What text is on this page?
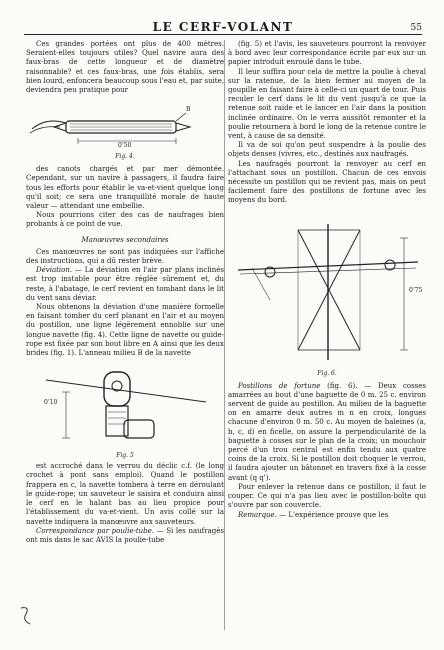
LE CERF-VOLANT	55

Ces grandes portées ont plus de 400 mètres. Seraient-elles toujours utiles? Quel navire aura des faux-bras de cette longueur et de diamètre raisonnable? et ces faux-bras, une fois établis, sera bien lourd, enfoncera beaucoup sous l'eau et, par suite, deviendra peu pratique pour

B
0’50
Fig. 4.

des canots chargés et par mer démontée. Cependant, sur un navire à passagers, il faudra faire tous les efforts pour établir le va-et-vient quelque long qu'il soit; ce sera une tranquillité morale de haute valeur — attendant une embellie.

Nous pourrions citer des cas de naufrages bien probants à ce point de vue.

Manœuvres secondaires

Ces manœuvres ne sont pas indiquées sur l'affiche des instructions, qui a dû rester brève.

Déviation. — La déviation en l'air par plans inclinés est trop instable pour être réglée sûrement et, du reste, à l'abatage, le cerf revient en tombant dans le lit du vent sans déviar.

Nous obtenons la déviation d'une manière formelle en faisant tomber du cerf planant en l'air et au moyen du postillon, une ligne légèrement ennoblie sur une longue navette (fig. 4). Cette ligne de navette ou guide-rope est fixée par son bout libre en A ainsi que les deux brides (fig. 1). L'anneau milieu B de la navette

0’10
Fig. 5

est accroché dans le verrou du déclic c.f. (le long crochet à pont sans emploi). Quand le postillon frappera en c, la navette tombera à terre en déroulant le guide-rope; un sauveteur le saisira et conduira ainsi le cerf en le halant bas au lieu propice pour l'établissement du va-et-vient. Un avis collé sur la navette indiquera la manœuvre aux sauveteurs.

Correspondance par poulie-tube. — Si les naufragés ont mis dans le sac AVIS la poulie-tube

(fig. 5) et l'avis, les sauveteurs pourront la renvoyer à bord avec leur correspondance écrite par eux sur un papier introduit enroulé dans le tube.

Il leur suffira pour cela de mettre la poulie à cheval sur la ratenue, de la bien fermer au moyen de la goupille en faisant faire à celle-ci un quart de tour. Puis reculer le cerf dans le lit du vent jusqu'à ce que la retenue soit raide et le lancer en l'air dans la position inclinée ordinaire. On le verra aussitôt remonter et la poulie retournera à bord le long de la retenue contre le vent, à cause de sa densité.

Il va de soi qu'on peut suspendre à la poulie des objets denses (vivres, etc., destinés aux naufragés.

Les naufragés pourront la renvoyer au cerf en l'attachant sous un postillon. Chacun de ces envois nécessite un postillon qui ne revient pas, mais on peut facilement faire des postillons de fortune avec les moyens du bord.

0’75
Fig. 6.

Postillons de fortune (fig. 6). — Deux cosses amarrées au bout d'une baguette de 0 m. 25 c. environ servent de guide au postillon. Au milieu de la baguette on en amarre deux autres m n en croix, longues chacune d'environ 0 m. 50 c. Au moyen de baleines (a, b, c, d) en ficelle, on assure la perpendicularité de la baguette à cosses sur le plan de la croix; un mouchoir percé d'un trou central est enfin tendu aux quatre coins de la croix. Si le postillon doit choquer le verrou, il faudra ajouter un bâtonnet en travers fixé à la cosse avant (q q').

Pour enlever la retenue dans ce postillon, il faut le couper. Ce qui n'a pas lieu avec le postillon-boîte qui s'ouvre par son couvercle.

Remarque. — L'expérience prouve que les
